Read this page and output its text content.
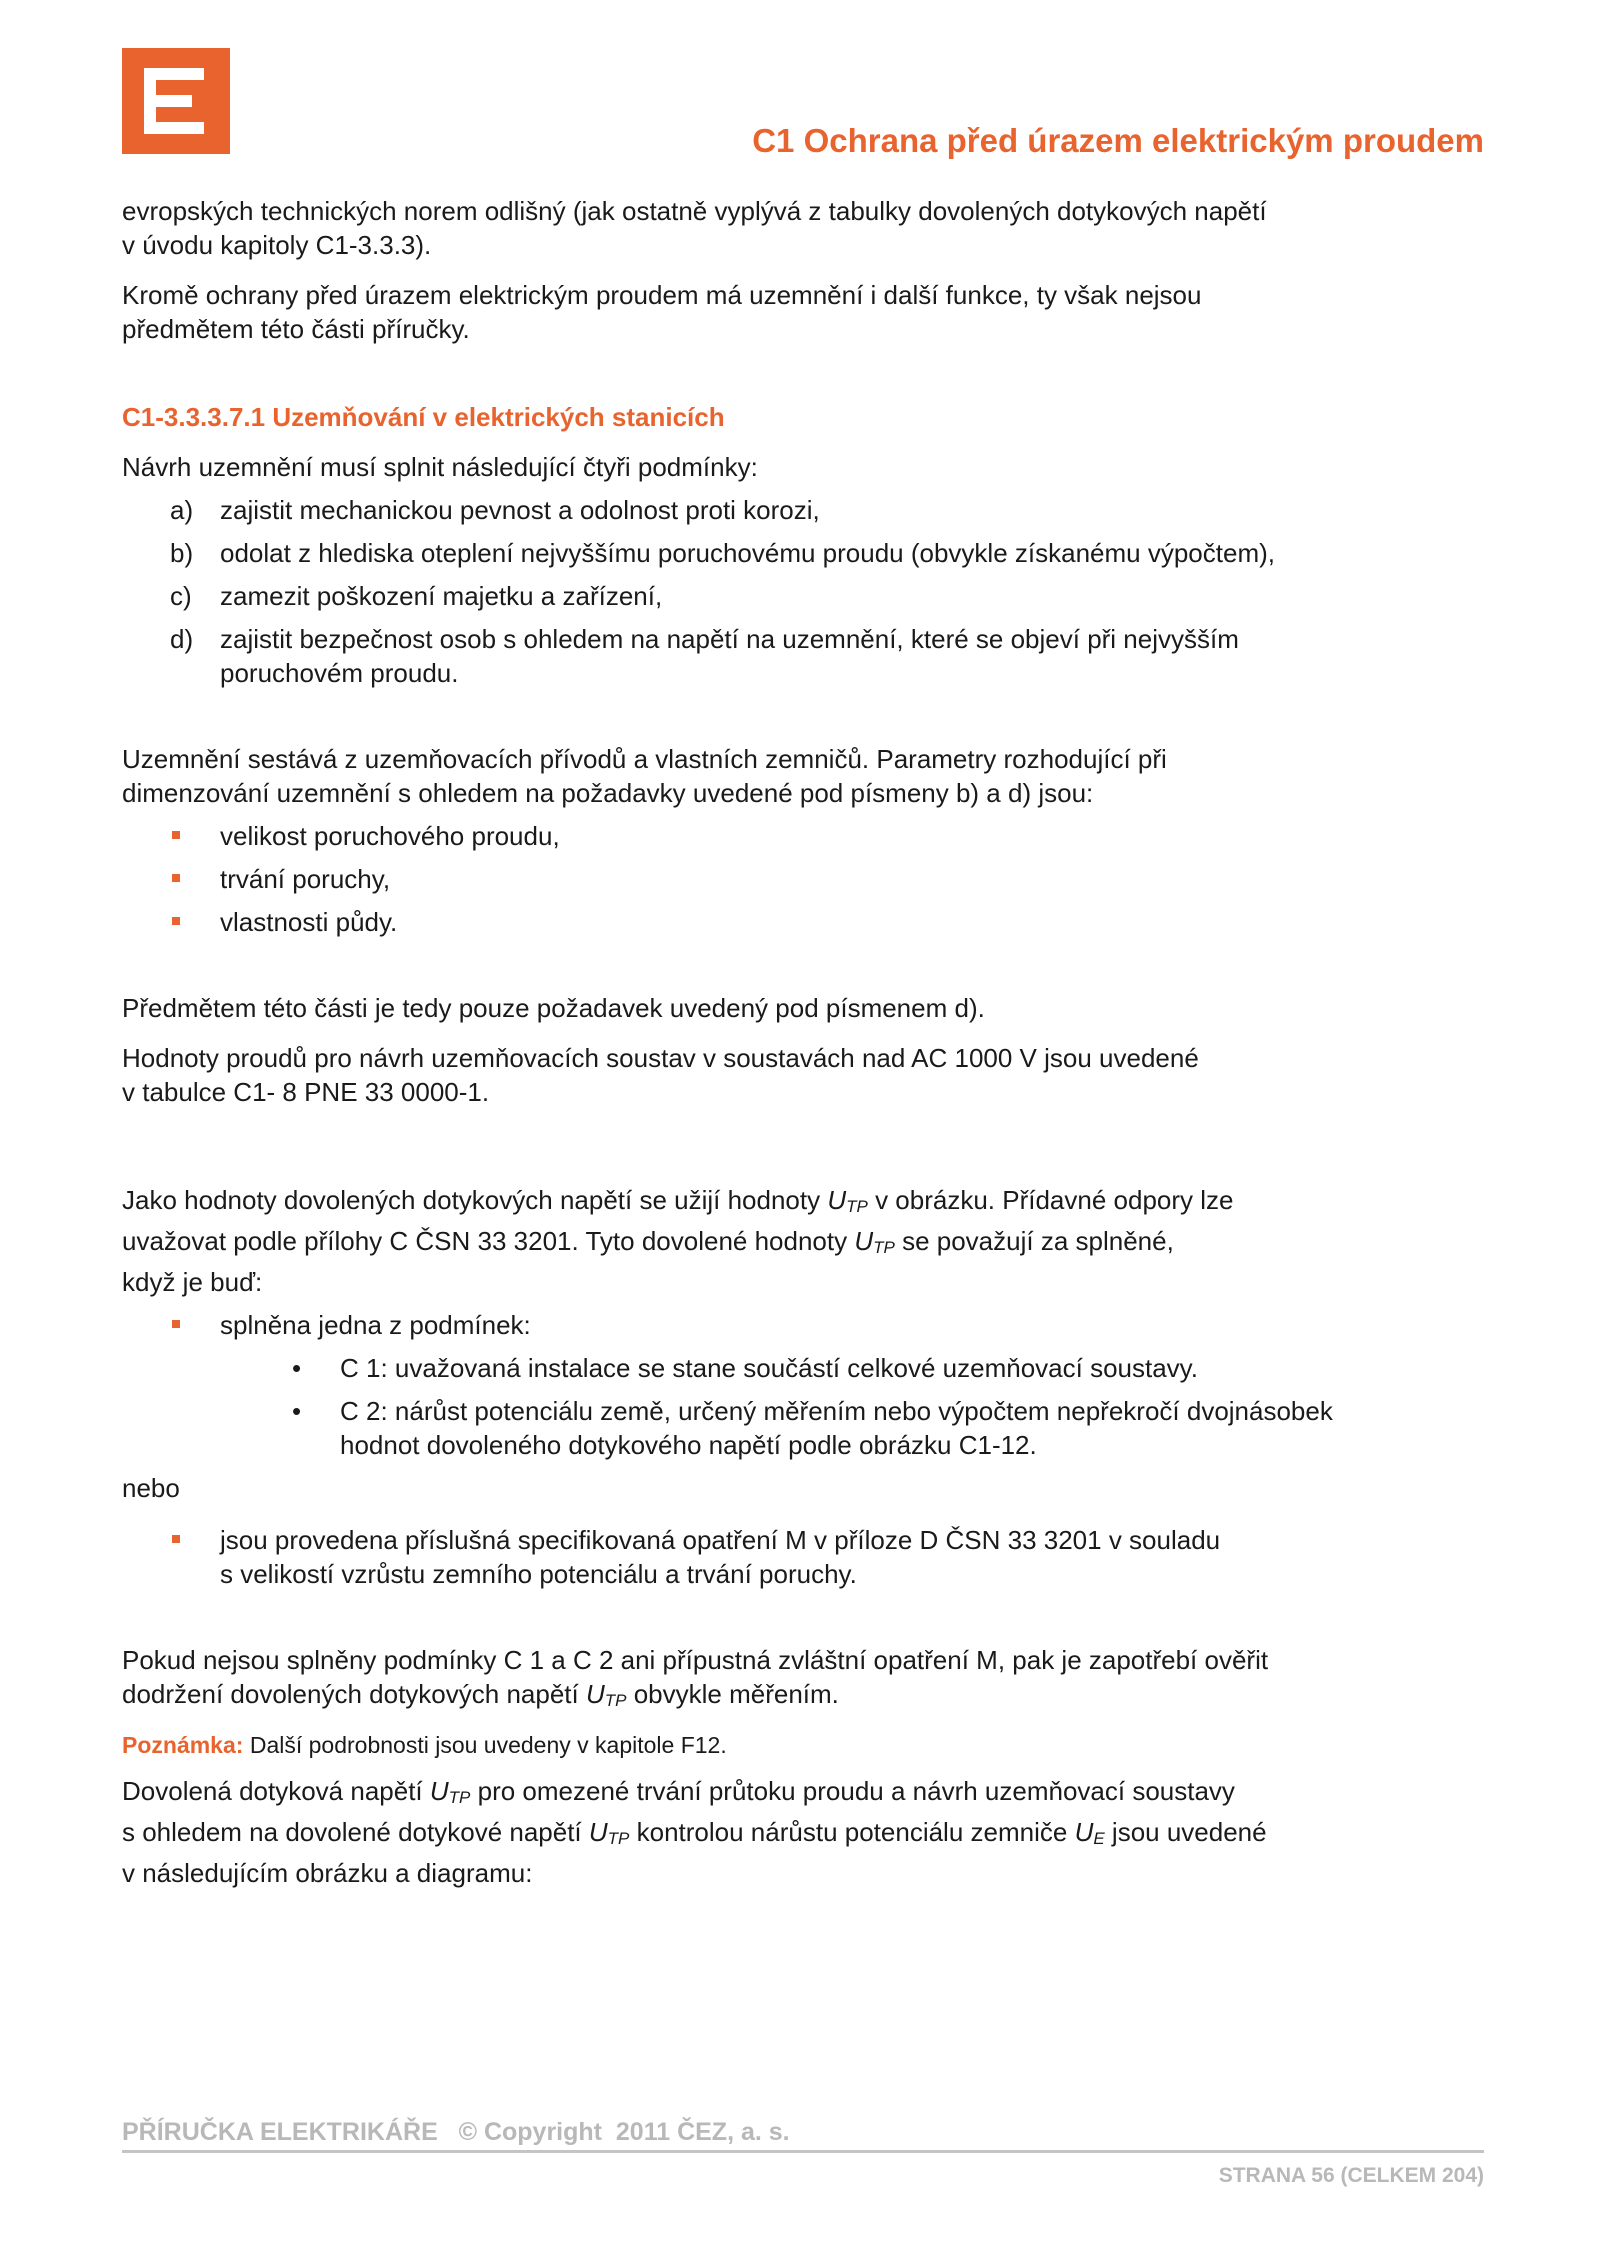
C1 Ochrana před úrazem elektrickým proudem

evropských technických norem odlišný (jak ostatně vyplývá z tabulky dovolených dotykových napětí
v úvodu kapitoly C1-3.3.3).

Kromě ochrany před úrazem elektrickým proudem má uzemnění i další funkce, ty však nejsou
předmětem této části příručky.

C1-3.3.3.7.1 Uzemňování v elektrických stanicích

Návrh uzemnění musí splnit následující čtyři podmínky:

a) zajistit mechanickou pevnost a odolnost proti korozi,
b) odolat z hlediska oteplení nejvyššímu poruchovému proudu (obvykle získanému výpočtem),
c) zamezit poškození majetku a zařízení,
d) zajistit bezpečnost osob s ohledem na napětí na uzemnění, které se objeví při nejvyšším
poruchovém proudu.

Uzemnění sestává z uzemňovacích přívodů a vlastních zemničů. Parametry rozhodující při
dimenzování uzemnění s ohledem na požadavky uvedené pod písmeny b) a d) jsou:

velikost poruchového proudu,
trvání poruchy,
vlastnosti půdy.

Předmětem této části je tedy pouze požadavek uvedený pod písmenem d).

Hodnoty proudů pro návrh uzemňovacích soustav v soustavách nad AC 1000 V jsou uvedené
v tabulce C1- 8 PNE 33 0000-1.

Jako hodnoty dovolených dotykových napětí se užijí hodnoty UTP v obrázku. Přídavné odpory lze
uvažovat podle přílohy C ČSN 33 3201. Tyto dovolené hodnoty UTP se považují za splněné,
když je buď:

splněna jedna z podmínek:
• C 1: uvažovaná instalace se stane součástí celkové uzemňovací soustavy.
• C 2: nárůst potenciálu země, určený měřením nebo výpočtem nepřekročí dvojnásobek
hodnot dovoleného dotykového napětí podle obrázku C1-12.

nebo

jsou provedena příslušná specifikovaná opatření M v příloze D ČSN 33 3201 v souladu
s velikostí vzrůstu zemního potenciálu a trvání poruchy.

Pokud nejsou splněny podmínky C 1 a C 2 ani přípustná zvláštní opatření M, pak je zapotřebí ověřit
dodržení dovolených dotykových napětí UTP obvykle měřením.

Poznámka: Další podrobnosti jsou uvedeny v kapitole F12.

Dovolená dotyková napětí UTP pro omezené trvání průtoku proudu a návrh uzemňovací soustavy
s ohledem na dovolené dotykové napětí UTP kontrolou nárůstu potenciálu zemniče UE jsou uvedené
v následujícím obrázku a diagramu:

PŘÍRUČKA ELEKTRIKÁŘE   © Copyright  2011 ČEZ, a. s.
STRANA 56 (CELKEM 204)
